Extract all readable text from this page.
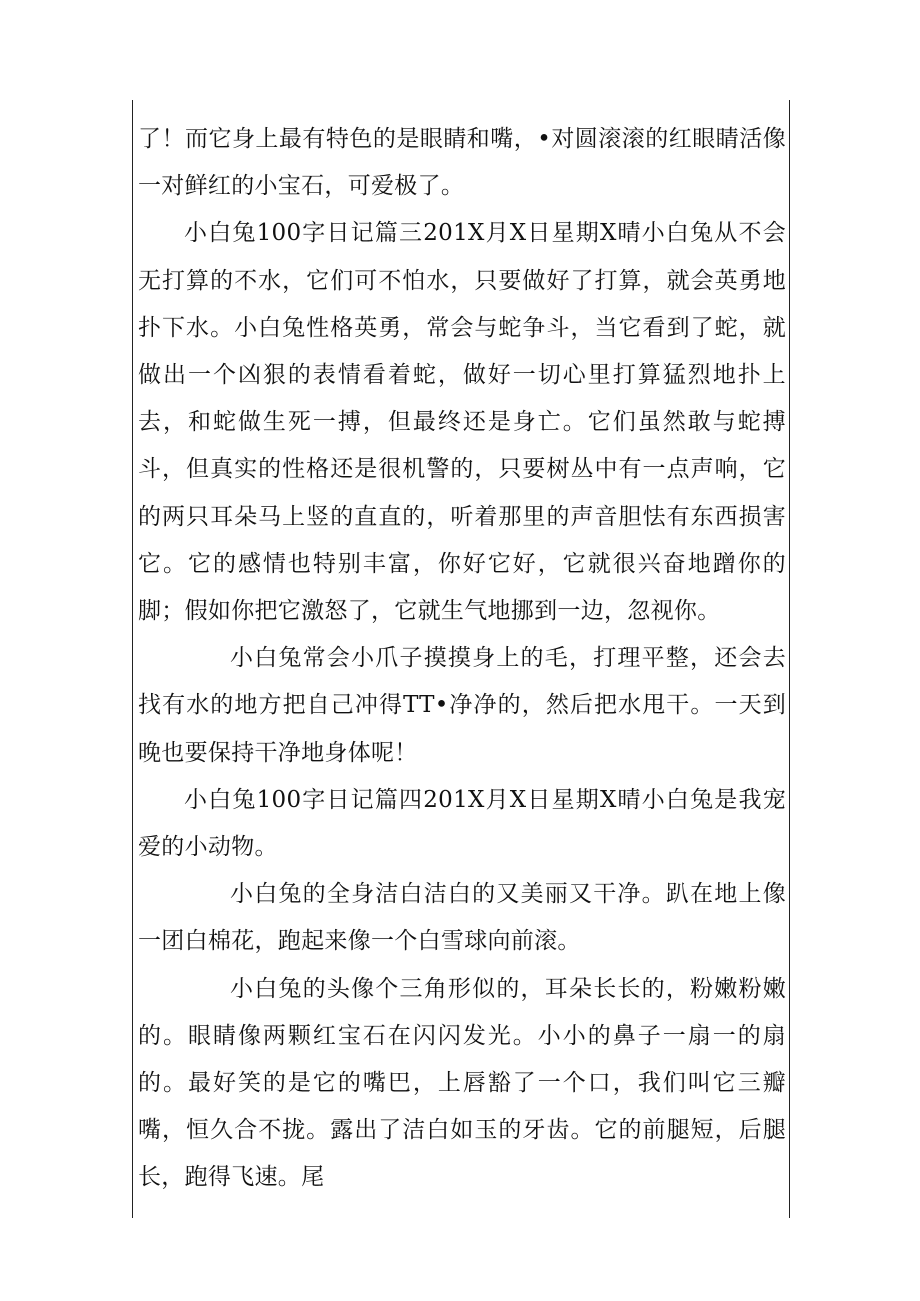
了！而它身上最有特色的是眼睛和嘴，•对圆滚滚的红眼睛活像一对鲜红的小宝石，可爱极了。

小白兔100字日记篇三201X月X日星期X晴小白兔从不会无打算的不水，它们可不怕水，只要做好了打算，就会英勇地扑下水。小白兔性格英勇，常会与蛇争斗，当它看到了蛇，就做出一个凶狠的表情看着蛇，做好一切心里打算猛烈地扑上去，和蛇做生死一搏，但最终还是身亡。它们虽然敢与蛇搏斗，但真实的性格还是很机警的，只要树丛中有一点声响，它的两只耳朵马上竖的直直的，听着那里的声音胆怯有东西损害它。它的感情也特别丰富，你好它好，它就很兴奋地蹭你的脚；假如你把它激怒了，它就生气地挪到一边，忽视你。

小白兔常会小爪子摸摸身上的毛，打理平整，还会去找有水的地方把自己冲得TT•净净的，然后把水甩干。一天到晚也要保持干净地身体呢！

小白兔100字日记篇四201X月X日星期X晴小白兔是我宠爱的小动物。

小白兔的全身洁白洁白的又美丽又干净。趴在地上像一团白棉花，跑起来像一个白雪球向前滚。

小白兔的头像个三角形似的，耳朵长长的，粉嫩粉嫩的。眼睛像两颗红宝石在闪闪发光。小小的鼻子一扇一的扇的。最好笑的是它的嘴巴，上唇豁了一个口，我们叫它三瓣嘴，恒久合不拢。露出了洁白如玉的牙齿。它的前腿短，后腿长，跑得飞速。尾
